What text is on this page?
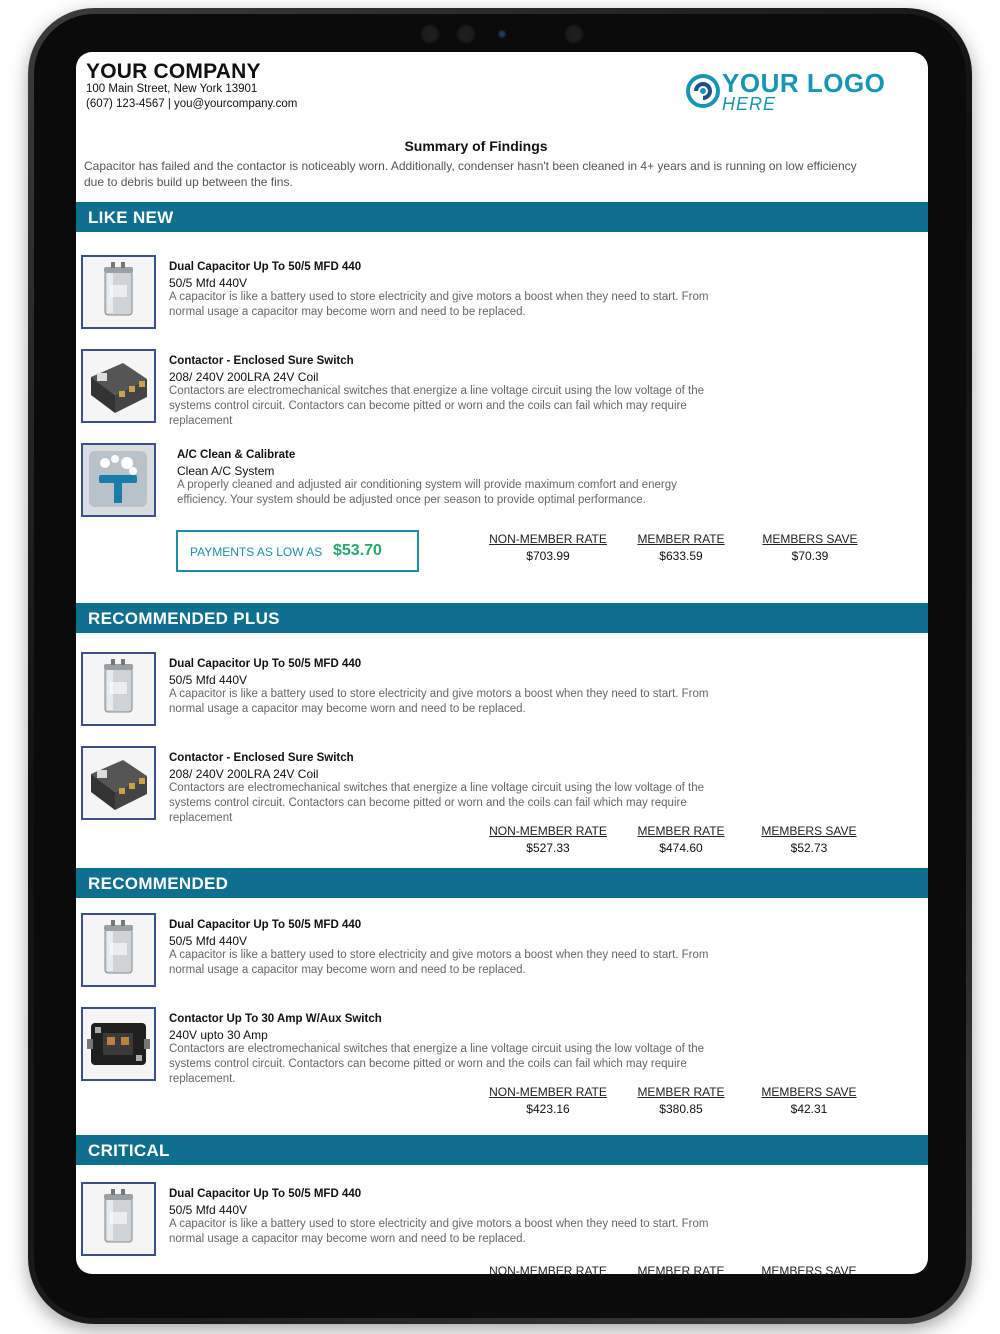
YOUR COMPANY
100 Main Street, New York 13901
(607) 123-4567 | you@yourcompany.com
YOUR LOGO
HERE
Summary of Findings
Capacitor has failed and the contactor is noticeably worn. Additionally, condenser hasn't been cleaned in 4+ years and is running on low efficiency due to debris build up between the fins.
LIKE NEW
Dual Capacitor Up To 50/5 MFD 440
50/5 Mfd 440V
A capacitor is like a battery used to store electricity and give motors a boost when they need to start. From normal usage a capacitor may become worn and need to be replaced.
Contactor - Enclosed Sure Switch
208/ 240V 200LRA 24V Coil
Contactors are electromechanical switches that energize a line voltage circuit using the low voltage of the systems control circuit. Contactors can become pitted or worn and the coils can fail which may require replacement
A/C Clean & Calibrate
Clean A/C System
A properly cleaned and adjusted air conditioning system will provide maximum comfort and energy efficiency. Your system should be adjusted once per season to provide optimal performance.
PAYMENTS AS LOW AS $53.70
NON-MEMBER RATE
$703.99
MEMBER RATE
$633.59
MEMBERS SAVE
$70.39
RECOMMENDED PLUS
Dual Capacitor Up To 50/5 MFD 440
50/5 Mfd 440V
A capacitor is like a battery used to store electricity and give motors a boost when they need to start. From normal usage a capacitor may become worn and need to be replaced.
Contactor - Enclosed Sure Switch
208/ 240V 200LRA 24V Coil
Contactors are electromechanical switches that energize a line voltage circuit using the low voltage of the systems control circuit. Contactors can become pitted or worn and the coils can fail which may require replacement
NON-MEMBER RATE
$527.33
MEMBER RATE
$474.60
MEMBERS SAVE
$52.73
RECOMMENDED
Dual Capacitor Up To 50/5 MFD 440
50/5 Mfd 440V
A capacitor is like a battery used to store electricity and give motors a boost when they need to start. From normal usage a capacitor may become worn and need to be replaced.
Contactor Up To 30 Amp W/Aux Switch
240V upto 30 Amp
Contactors are electromechanical switches that energize a line voltage circuit using the low voltage of the systems control circuit. Contactors can become pitted or worn and the coils can fail which may require replacement.
NON-MEMBER RATE
$423.16
MEMBER RATE
$380.85
MEMBERS SAVE
$42.31
CRITICAL
Dual Capacitor Up To 50/5 MFD 440
50/5 Mfd 440V
A capacitor is like a battery used to store electricity and give motors a boost when they need to start. From normal usage a capacitor may become worn and need to be replaced.
NON-MEMBER RATE	MEMBER RATE	MEMBERS SAVE
